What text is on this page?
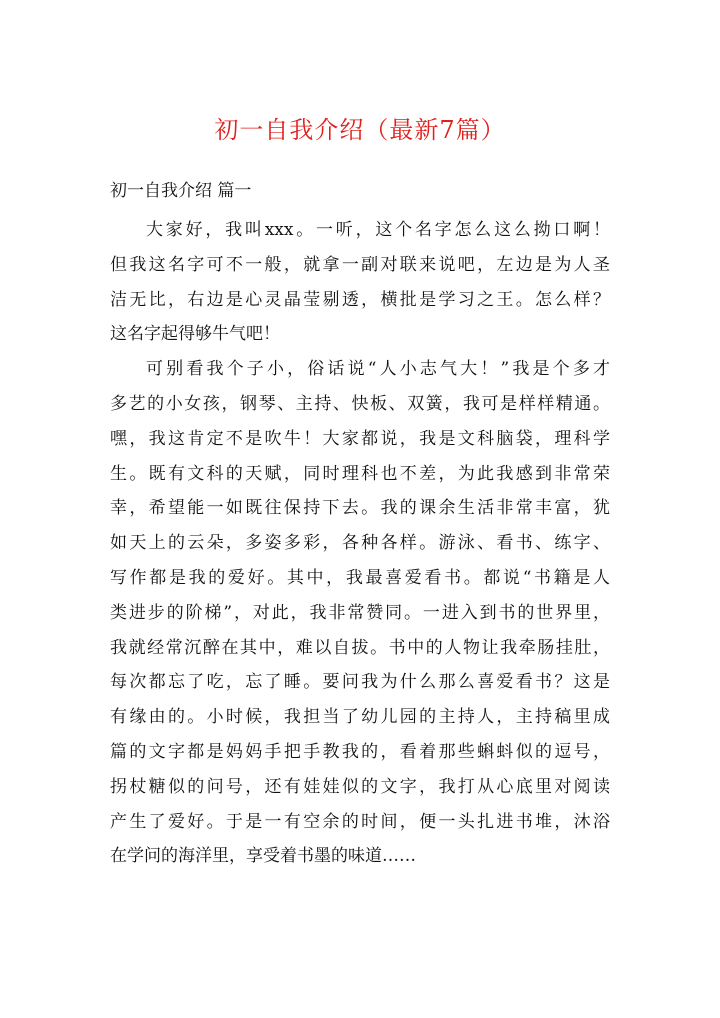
初一自我介绍（最新7篇）
初一自我介绍 篇一
大家好，我叫xxx。一听，这个名字怎么这么拗口啊！
但我这名字可不一般，就拿一副对联来说吧，左边是为人圣
洁无比，右边是心灵晶莹剔透，横批是学习之王。怎么样？
这名字起得够牛气吧！
可别看我个子小，俗话说“人小志气大！”我是个多才
多艺的小女孩，钢琴、主持、快板、双簧，我可是样样精通。
嘿，我这肯定不是吹牛！大家都说，我是文科脑袋，理科学
生。既有文科的天赋，同时理科也不差，为此我感到非常荣
幸，希望能一如既往保持下去。我的课余生活非常丰富，犹
如天上的云朵，多姿多彩，各种各样。游泳、看书、练字、
写作都是我的爱好。其中，我最喜爱看书。都说“书籍是人
类进步的阶梯”，对此，我非常赞同。一进入到书的世界里，
我就经常沉醉在其中，难以自拔。书中的人物让我牵肠挂肚，
每次都忘了吃，忘了睡。要问我为什么那么喜爱看书？这是
有缘由的。小时候，我担当了幼儿园的主持人，主持稿里成
篇的文字都是妈妈手把手教我的，看着那些蝌蚪似的逗号，
拐杖糖似的问号，还有娃娃似的文字，我打从心底里对阅读
产生了爱好。于是一有空余的时间，便一头扎进书堆，沐浴
在学问的海洋里，享受着书墨的味道……
